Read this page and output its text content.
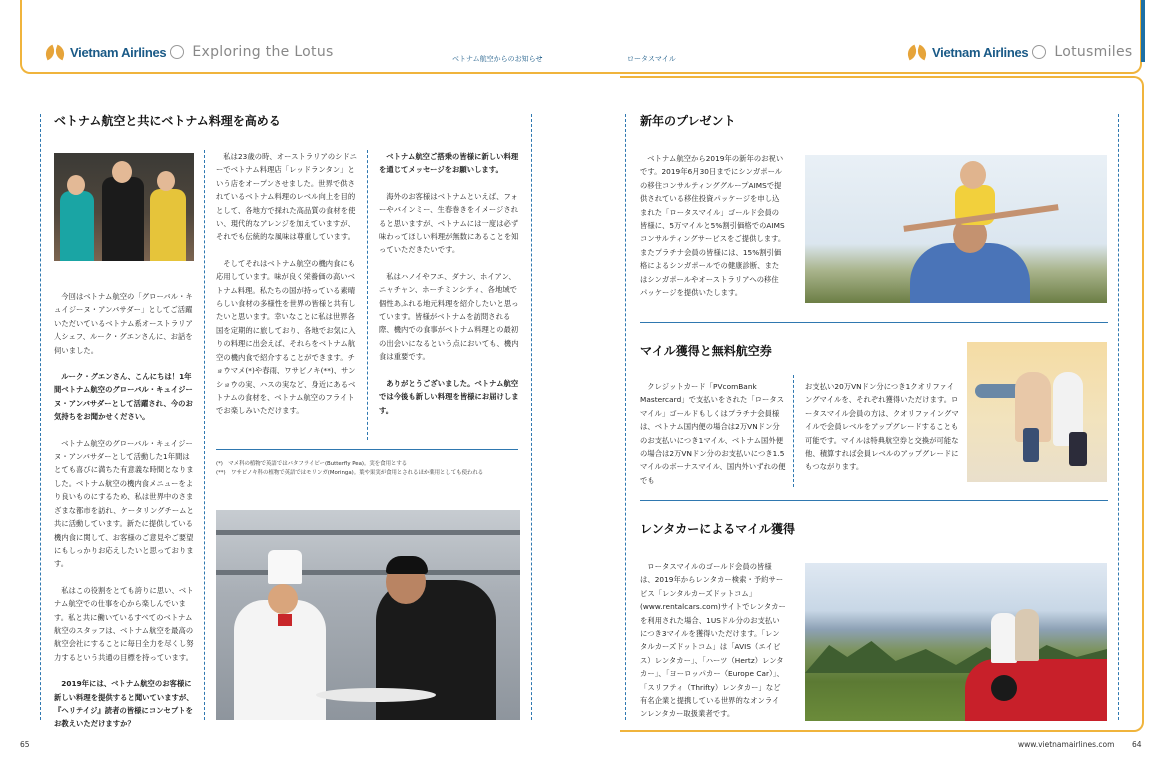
Vietnam Airlines Exploring the Lotus	Vietnam Airlines Lotusmiles
ベトナム航空からのお知らせ	ロータスマイル
ベトナム航空と共にベトナム料理を高める

今回はベトナム航空の「グローバル・キュイジーヌ・アンバサダー」としてご活躍いただいているベトナム系オーストラリア人シェフ、ルーク・グエンさんに、お話を伺いました。

ルーク・グエンさん、こんにちは！1年間ベトナム航空のグローバル・キュイジーヌ・アンバサダーとして活躍され、今のお気持ちをお聞かせください。

ベトナム航空のグローバル・キュイジーヌ・アンバサダーとして活動した1年間はとても喜びに満ちた有意義な時間となりました。ベトナム航空の機内食メニューをより良いものにするため、私は世界中のさまざまな都市を訪れ、ケータリングチームと共に活動しています。新たに提供している機内食に関して、お客様のご意見やご要望にもしっかりお応えしたいと思っております。

私はこの役割をとても誇りに思い、ベトナム航空での仕事を心から楽しんでいます。私と共に働いているすべてのベトナム航空のスタッフは、ベトナム航空を最高の航空会社にすることに毎日全力を尽くし努力するという共通の目標を持っています。

2019年には、ベトナム航空のお客様に新しい料理を提供すると聞いていますが、『ヘリテイジ』読者の皆様にコンセプトをお教えいただけますか？

私は23歳の時、オーストラリアのシドニーでベトナム料理店「レッドランタン」という店をオープンさせました。世界で供されているベトナム料理のレベル向上を目的として、各地方で採れた高品質の食材を使い、現代的なアレンジを加えていますが、それでも伝統的な風味は尊重しています。

そしてそれはベトナム航空の機内食にも応用しています。味が良く栄養価の高いベトナム料理。私たちの国が持っている素晴らしい食材の多様性を世界の皆様と共有したいと思います。幸いなことに私は世界各国を定期的に旅しており、各地でお気に入りの料理に出会えば、それらをベトナム航空の機内食で紹介することができます。チョウマメ(*)や春雨、ワサビノキ(**)、サンショウの実、ハスの実など、身近にあるベトナムの食材を、ベトナム航空のフライトでお楽しみいただけます。

ベトナム航空ご搭乗の皆様に新しい料理を通じてメッセージをお願いします。

海外のお客様はベトナムといえば、フォーやバインミー、生春巻きをイメージされると思いますが、ベトナムには一度は必ず味わってほしい料理が無数にあることを知っていただきたいです。

私はハノイやフエ、ダナン、ホイアン、ニャチャン、ホーチミンシティ、各地域で個性あふれる地元料理を紹介したいと思っています。皆様がベトナムを訪問される際、機内での食事がベトナム料理との最初の出会いになるという点においても、機内食は重要です。

ありがとうございました。ベトナム航空では今後も新しい料理を皆様にお届けします。

(*)　マメ科の植物で英語ではバタフライピー(Butterfly Pea)。実を食用とする
(**)　ワサビノキ科の植物で英語ではモリンガ(Moringa)。葉や果実が食用とされるほか薬用としても使われる
新年のプレゼント

ベトナム航空から2019年の新年のお祝いです。2019年6月30日までにシンガポールの移住コンサルティンググループAIMSで提供されている移住投資パッケージを申し込まれた「ロータスマイル」ゴールド会員の皆様に、5万マイルと5%割引価格でのAIMSコンサルティングサービスをご提供します。またプラチナ会員の皆様には、15%割引価格によるシンガポールでの健康診断、またはシンガポールやオーストラリアへの移住パッケージを提供いたします。

マイル獲得と無料航空券

クレジットカード「PVcomBank Mastercard」で支払いをされた「ロータスマイル」ゴールドもしくはプラチナ会員様は、ベトナム国内便の場合は2万VNドン分のお支払いにつき1マイル、ベトナム国外便の場合は2万VNドン分のお支払いにつき1.5マイルのボーナスマイル、国内外いずれの便でも

お支払い20万VNドン分につき1クオリファイングマイルを、それぞれ獲得いただけます。ロータスマイル会員の方は、クオリファイングマイルで会員レベルをアップグレードすることも可能です。マイルは特典航空券と交換が可能な他、積算すれば会員レベルのアップグレードにもつながります。

レンタカーによるマイル獲得

ロータスマイルのゴールド会員の皆様は、2019年からレンタカー検索・予約サービス「レンタルカーズドットコム」(www.rentalcars.com)サイトでレンタカーを利用された場合、1USドル分のお支払いにつき3マイルを獲得いただけます。「レンタルカーズドットコム」は「AVIS（エイビス）レンタカー」、「ハーツ（Hertz）レンタカー」、「ヨーロッパカー（Europe Car）」、「スリフティ（Thrifty）レンタカー」など有名企業と提携している世界的なオンラインレンタカー取扱業者です。

65	www.vietnamairlines.com 64
